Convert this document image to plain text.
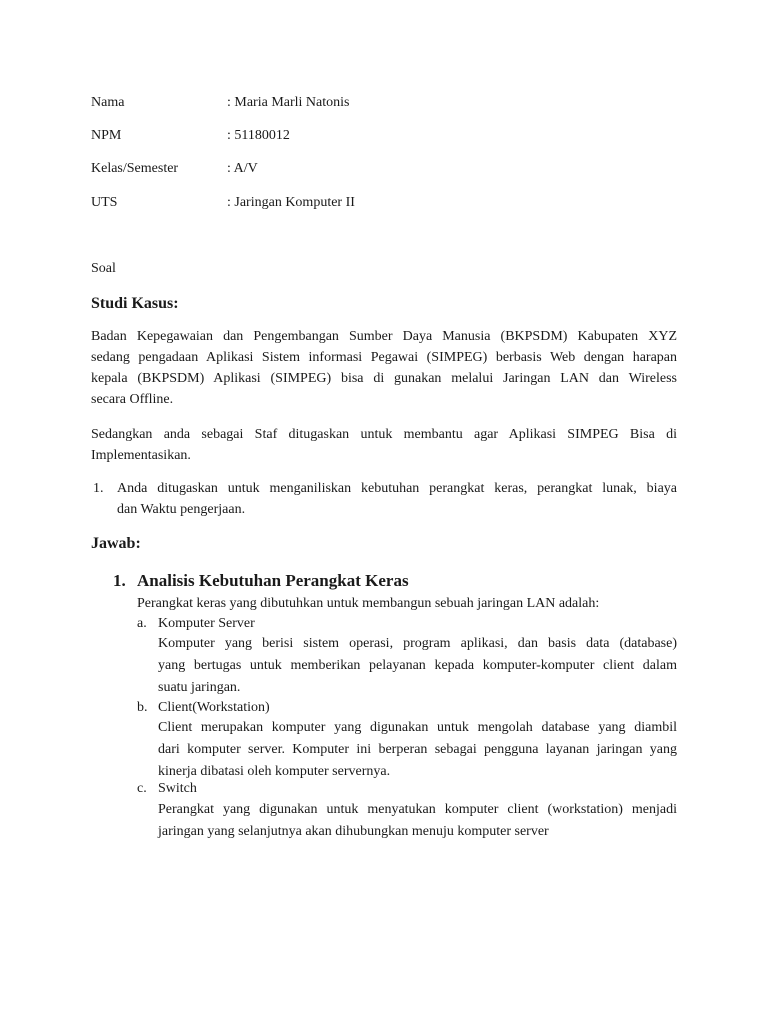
Nama	: Maria Marli Natonis
NPM	: 51180012
Kelas/Semester	: A/V
UTS	: Jaringan Komputer II
Soal
Studi Kasus:
Badan Kepegawaian dan Pengembangan Sumber Daya Manusia (BKPSDM) Kabupaten XYZ
sedang pengadaan Aplikasi Sistem informasi Pegawai (SIMPEG) berbasis Web dengan harapan
kepala (BKPSDM) Aplikasi (SIMPEG) bisa di gunakan melalui Jaringan LAN dan Wireless
secara Offline.
Sedangkan anda sebagai Staf ditugaskan untuk membantu agar Aplikasi SIMPEG Bisa di
Implementasikan.
1. Anda ditugaskan untuk menganiliskan kebutuhan perangkat keras, perangkat lunak, biaya
dan Waktu pengerjaan.
Jawab:
1. Analisis Kebutuhan Perangkat Keras
Perangkat keras yang dibutuhkan untuk membangun sebuah jaringan LAN adalah:
a. Komputer Server
Komputer yang berisi sistem operasi, program aplikasi, dan basis data (database)
yang bertugas untuk memberikan pelayanan kepada komputer-komputer client dalam
suatu jaringan.
b. Client(Workstation)
Client merupakan komputer yang digunakan untuk mengolah database yang diambil
dari komputer server. Komputer ini berperan sebagai pengguna layanan jaringan yang
kinerja dibatasi oleh komputer servernya.
c. Switch
Perangkat yang digunakan untuk menyatukan komputer client (workstation) menjadi
jaringan yang selanjutnya akan dihubungkan menuju komputer server
